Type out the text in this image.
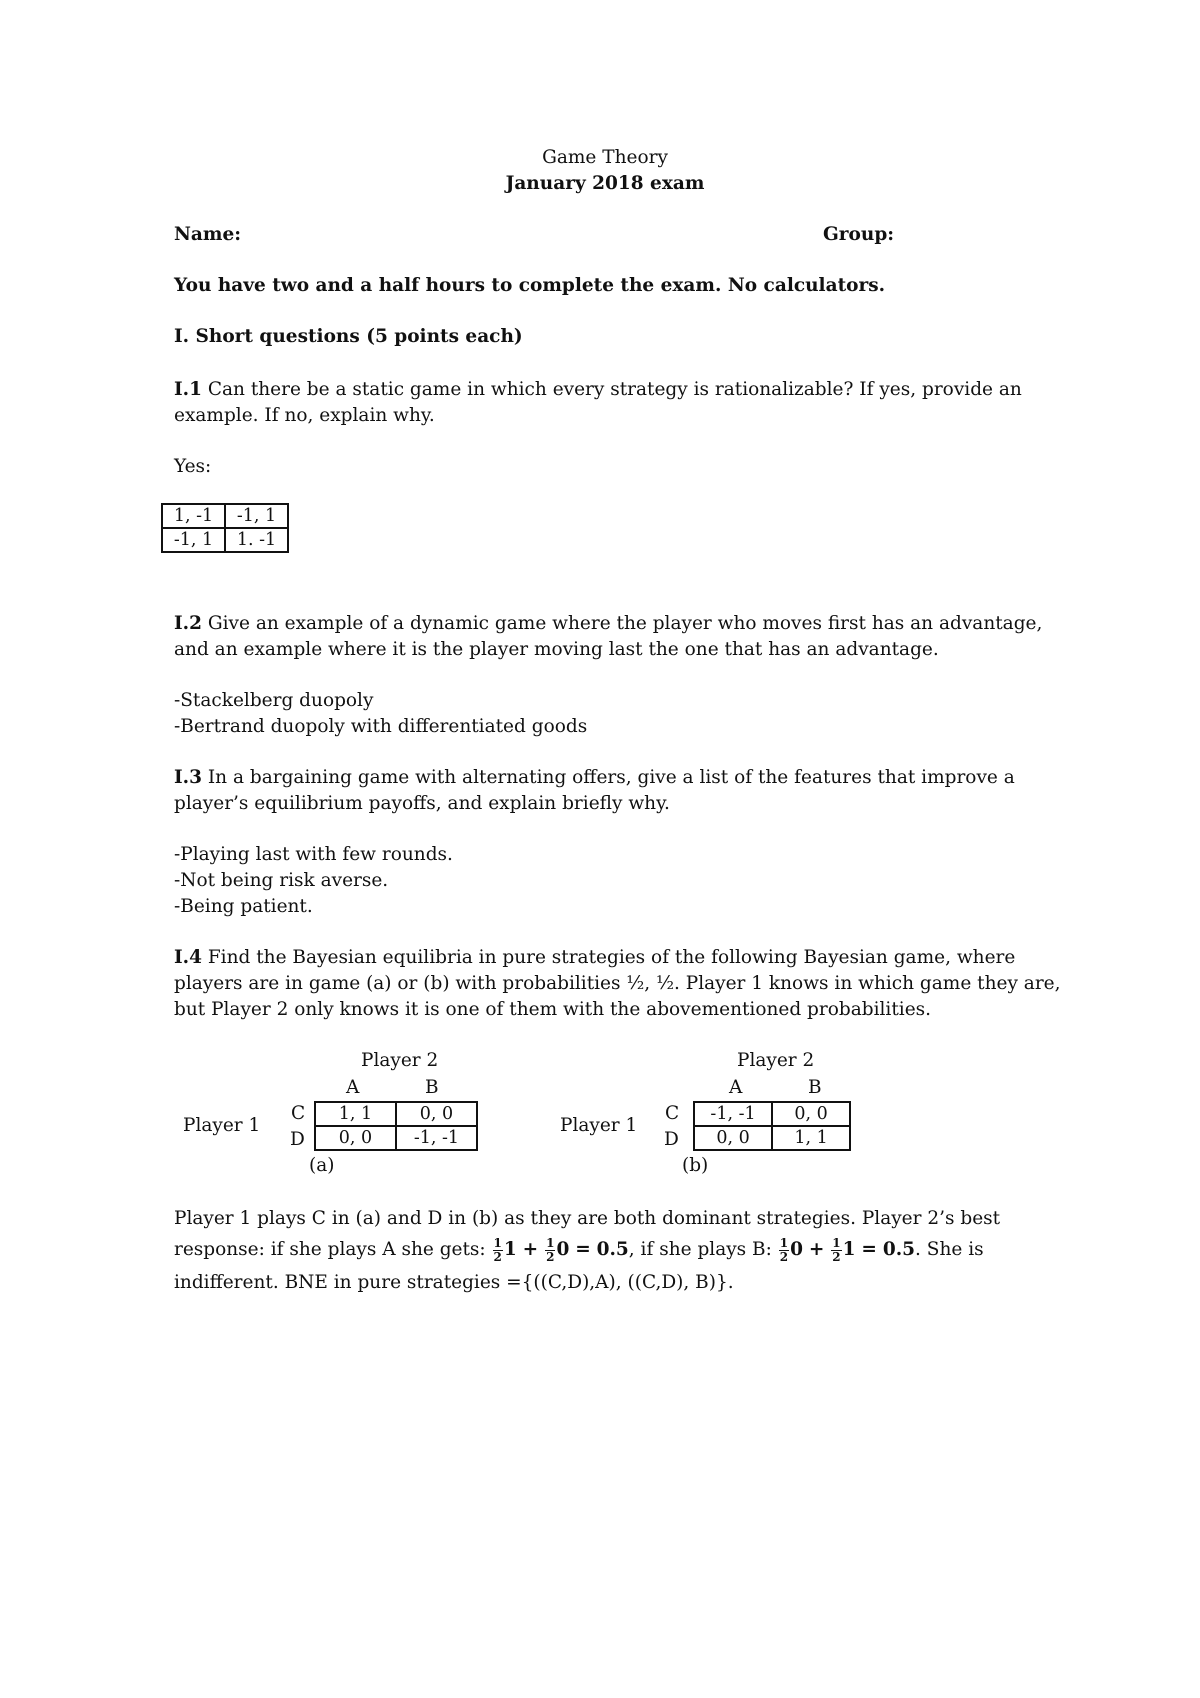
Game Theory
January 2018 exam
Name:	Group:
You have two and a half hours to complete the exam. No calculators.
I. Short questions (5 points each)
I.1 Can there be a static game in which every strategy is rationalizable? If yes, provide an
example. If no, explain why.
Yes:
1, -1	-1, 1
-1, 1	1. -1
I.2 Give an example of a dynamic game where the player who moves first has an advantage,
and an example where it is the player moving last the one that has an advantage.
-Stackelberg duopoly
-Bertrand duopoly with differentiated goods
I.3 In a bargaining game with alternating offers, give a list of the features that improve a
player’s equilibrium payoffs, and explain briefly why.
-Playing last with few rounds.
-Not being risk averse.
-Being patient.
I.4 Find the Bayesian equilibria in pure strategies of the following Bayesian game, where
players are in game (a) or (b) with probabilities ½, ½. Player 1 knows in which game they are,
but Player 2 only knows it is one of them with the abovementioned probabilities.
Player 2
A	B
Player 1
C
D
1, 1	0, 0
0, 0	-1, -1
(a)
Player 2
A	B
Player 1
C
D
-1, -1	0, 0
0, 0	1, 1
(b)
Player 1 plays C in (a) and D in (b) as they are both dominant strategies. Player 2’s best
response: if she plays A she gets: $\frac{1}{2} 1 + \frac{1}{2} 0 = 0.5$, if she plays B: $\frac{1}{2} 0 + \frac{1}{2} 1 = 0.5$. She is
indifferent. BNE in pure strategies ={((C,D),A), ((C,D), B)}.
